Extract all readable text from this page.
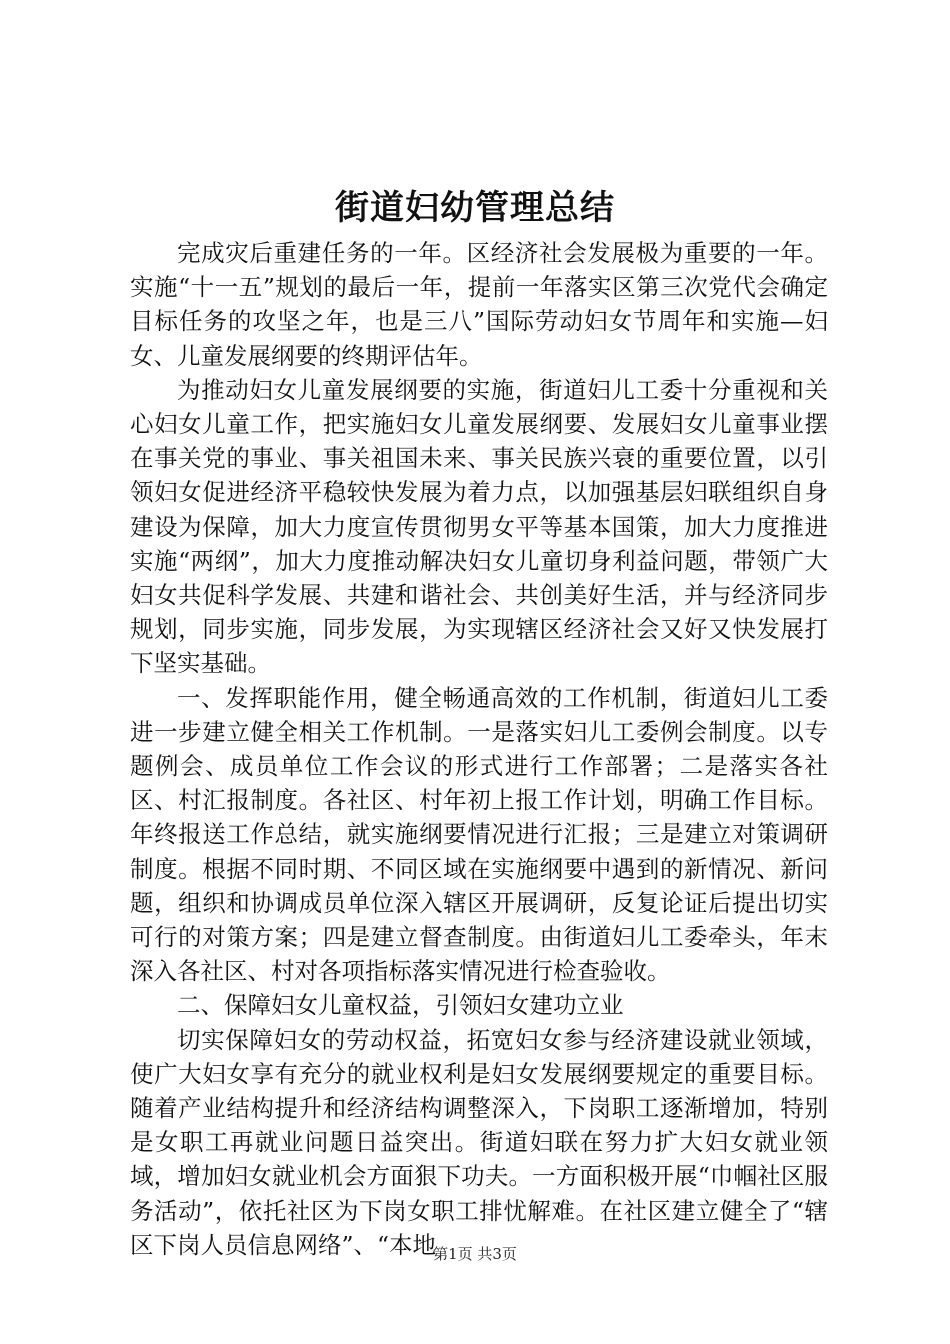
街道妇幼管理总结

完成灾后重建任务的一年。区经济社会发展极为重要的一年。实施“十一五”规划的最后一年，提前一年落实区第三次党代会确定目标任务的攻坚之年，也是三八”国际劳动妇女节周年和实施—妇女、儿童发展纲要的终期评估年。

为推动妇女儿童发展纲要的实施，街道妇儿工委十分重视和关心妇女儿童工作，把实施妇女儿童发展纲要、发展妇女儿童事业摆在事关党的事业、事关祖国未来、事关民族兴衰的重要位置，以引领妇女促进经济平稳较快发展为着力点，以加强基层妇联组织自身建设为保障，加大力度宣传贯彻男女平等基本国策，加大力度推进实施“两纲”，加大力度推动解决妇女儿童切身利益问题，带领广大妇女共促科学发展、共建和谐社会、共创美好生活，并与经济同步规划，同步实施，同步发展，为实现辖区经济社会又好又快发展打下坚实基础。

一、发挥职能作用，健全畅通高效的工作机制，街道妇儿工委进一步建立健全相关工作机制。一是落实妇儿工委例会制度。以专题例会、成员单位工作会议的形式进行工作部署；二是落实各社区、村汇报制度。各社区、村年初上报工作计划，明确工作目标。年终报送工作总结，就实施纲要情况进行汇报；三是建立对策调研制度。根据不同时期、不同区域在实施纲要中遇到的新情况、新问题，组织和协调成员单位深入辖区开展调研，反复论证后提出切实可行的对策方案；四是建立督查制度。由街道妇儿工委牵头，年末深入各社区、村对各项指标落实情况进行检查验收。

二、保障妇女儿童权益，引领妇女建功立业

切实保障妇女的劳动权益，拓宽妇女参与经济建设就业领域，使广大妇女享有充分的就业权利是妇女发展纲要规定的重要目标。随着产业结构提升和经济结构调整深入，下岗职工逐渐增加，特别是女职工再就业问题日益突出。街道妇联在努力扩大妇女就业领域，增加妇女就业机会方面狠下功夫。一方面积极开展“巾帼社区服务活动”，依托社区为下岗女职工排忧解难。在社区建立健全了“辖区下岗人员信息网络”、“本地

第1页 共3页
